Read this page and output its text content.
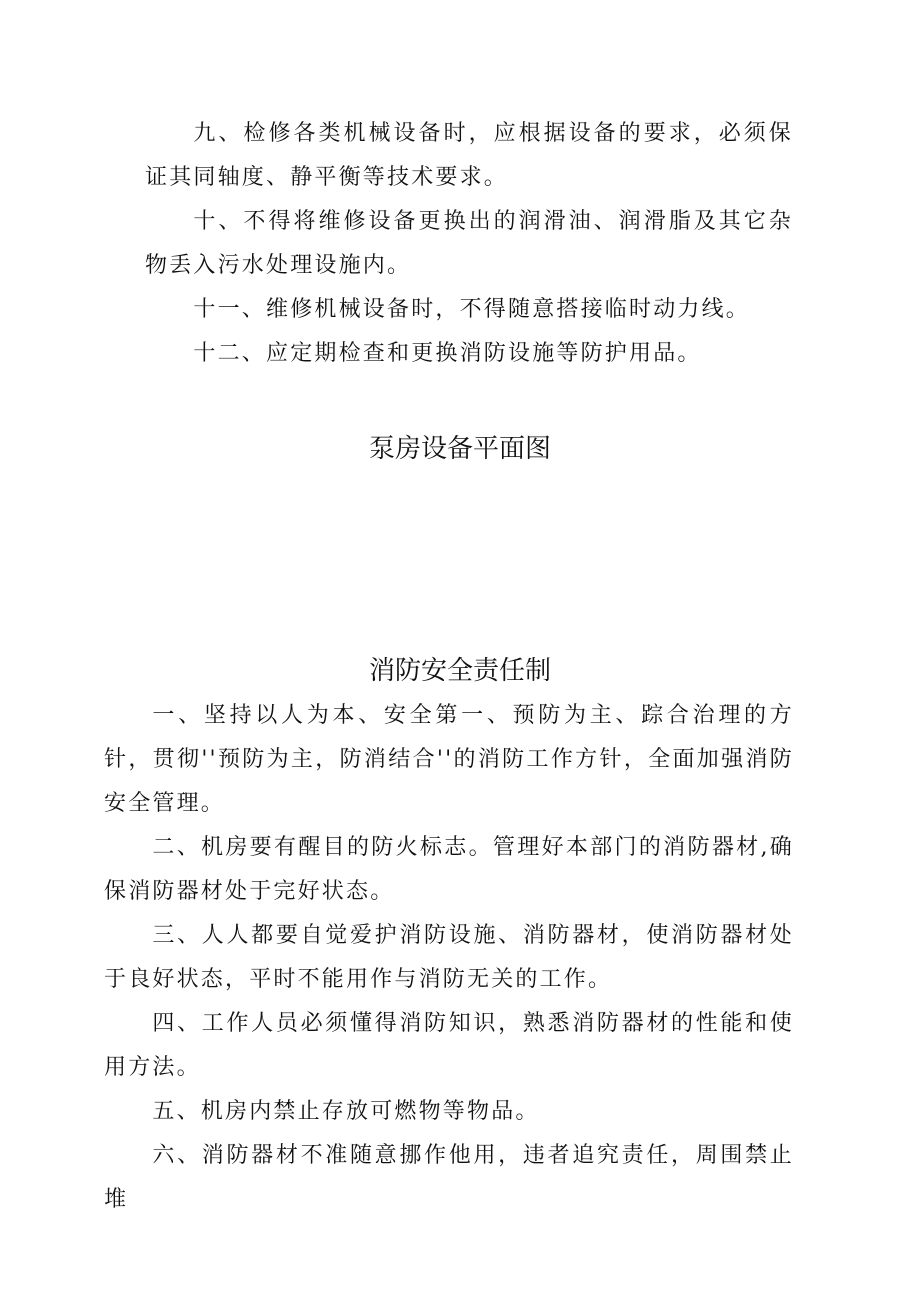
九、检修各类机械设备时，应根据设备的要求，必须保证其同轴度、静平衡等技术要求。

十、不得将维修设备更换出的润滑油、润滑脂及其它杂物丢入污水处理设施内。

十一、维修机械设备时，不得随意搭接临时动力线。

十二、应定期检查和更换消防设施等防护用品。

泵房设备平面图
消防安全责任制

一、坚持以人为本、安全第一、预防为主、踪合治理的方针，贯彻''预防为主，防消结合''的消防工作方针，全面加强消防安全管理。

二、机房要有醒目的防火标志。管理好本部门的消防器材,确保消防器材处于完好状态。

三、人人都要自觉爱护消防设施、消防器材，使消防器材处于良好状态，平时不能用作与消防无关的工作。

四、工作人员必须懂得消防知识，熟悉消防器材的性能和使用方法。

五、机房内禁止存放可燃物等物品。

六、消防器材不准随意挪作他用，违者追究责任，周围禁止堆
